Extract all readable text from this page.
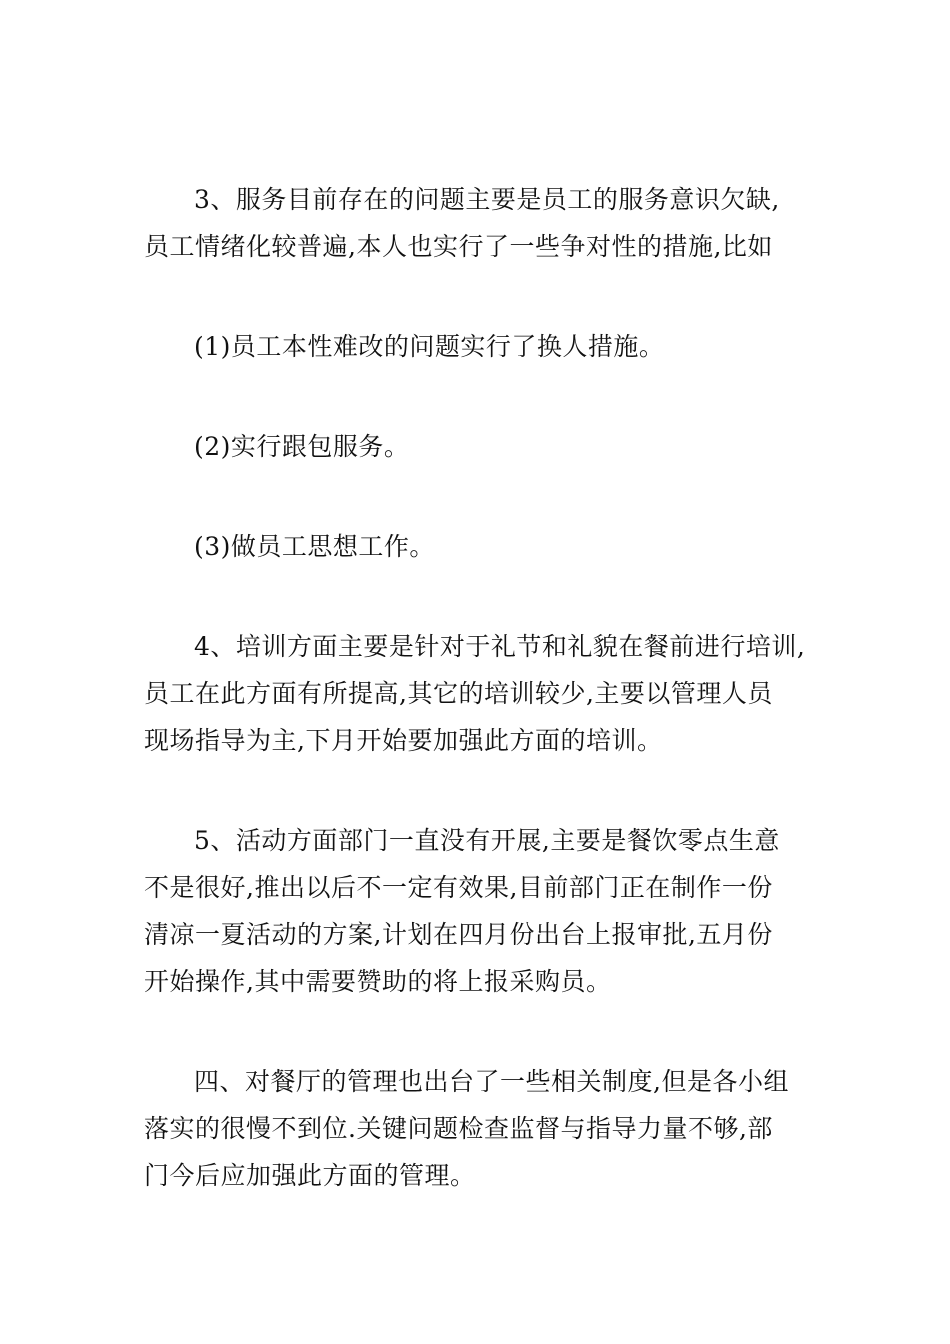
3、服务目前存在的问题主要是员工的服务意识欠缺,
员工情绪化较普遍,本人也实行了一些争对性的措施,比如

(1)员工本性难改的问题实行了换人措施。

(2)实行跟包服务。

(3)做员工思想工作。

4、培训方面主要是针对于礼节和礼貌在餐前进行培训,
员工在此方面有所提高,其它的培训较少,主要以管理人员
现场指导为主,下月开始要加强此方面的培训。

5、活动方面部门一直没有开展,主要是餐饮零点生意
不是很好,推出以后不一定有效果,目前部门正在制作一份
清凉一夏活动的方案,计划在四月份出台上报审批,五月份
开始操作,其中需要赞助的将上报采购员。

四、对餐厅的管理也出台了一些相关制度,但是各小组
落实的很慢不到位.关键问题检查监督与指导力量不够,部
门今后应加强此方面的管理。
